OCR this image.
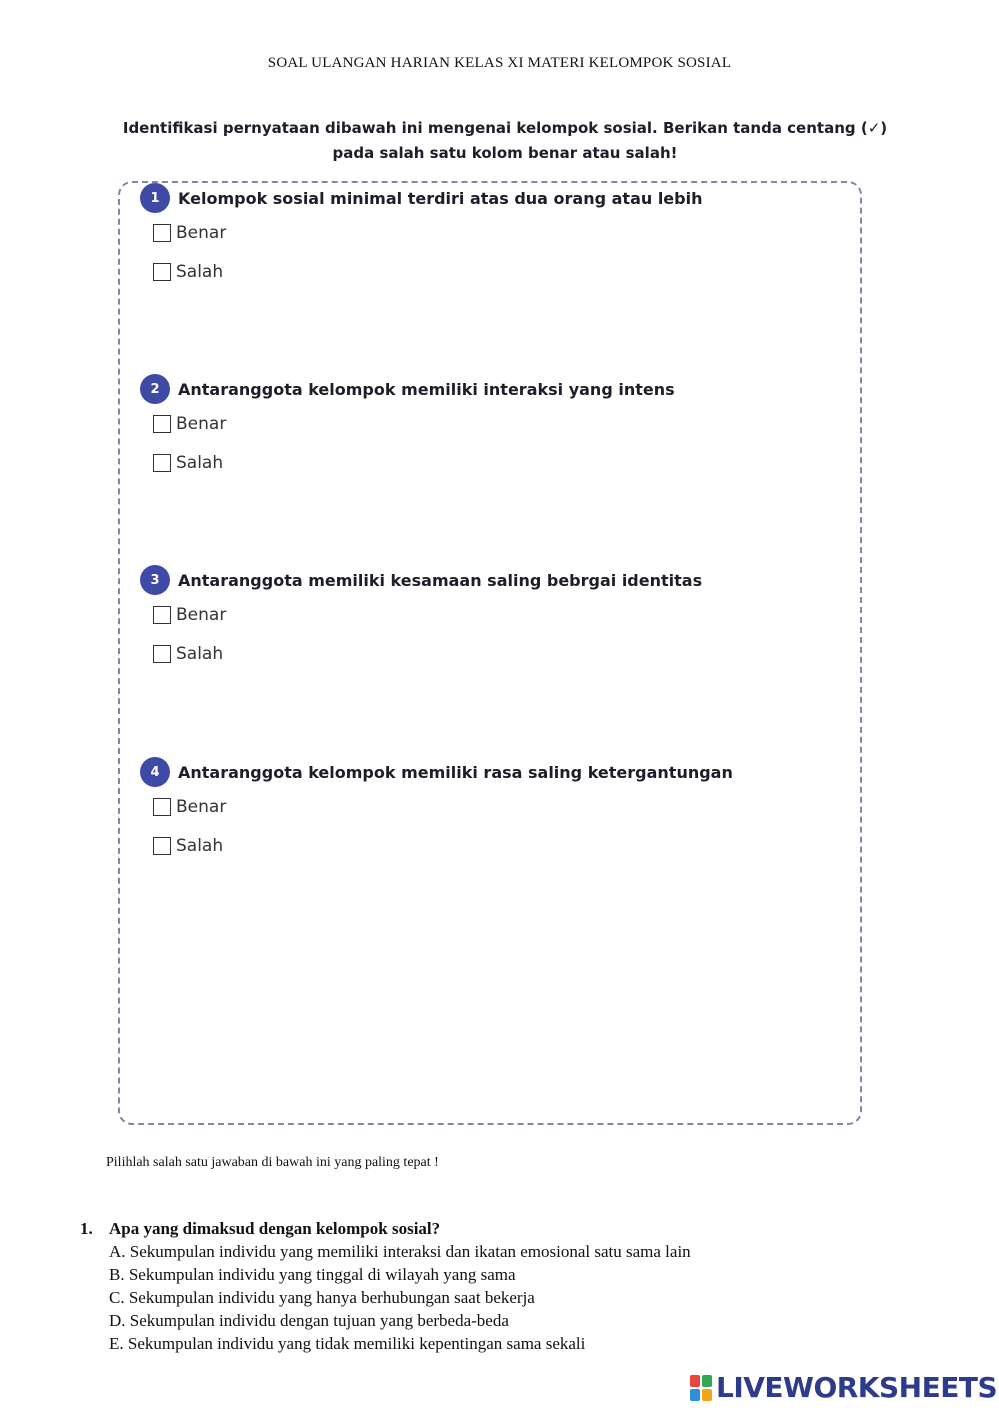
SOAL ULANGAN HARIAN KELAS XI MATERI KELOMPOK SOSIAL
Identifikasi pernyataan dibawah ini mengenai kelompok sosial. Berikan tanda centang (✓)
pada salah satu kolom benar atau salah!
1	Kelompok sosial minimal terdiri atas dua orang atau lebih
Benar
Salah
2	Antaranggota kelompok memiliki interaksi yang intens
Benar
Salah
3	Antaranggota memiliki kesamaan saling bebrgai identitas
Benar
Salah
4	Antaranggota kelompok memiliki rasa saling ketergantungan
Benar
Salah
Pilihlah salah satu jawaban di bawah ini yang paling tepat !
1. Apa yang dimaksud dengan kelompok sosial?
A. Sekumpulan individu yang memiliki interaksi dan ikatan emosional satu sama lain
B. Sekumpulan individu yang tinggal di wilayah yang sama
C. Sekumpulan individu yang hanya berhubungan saat bekerja
D. Sekumpulan individu dengan tujuan yang berbeda-beda
E. Sekumpulan individu yang tidak memiliki kepentingan sama sekali
LIVEWORKSHEETS
